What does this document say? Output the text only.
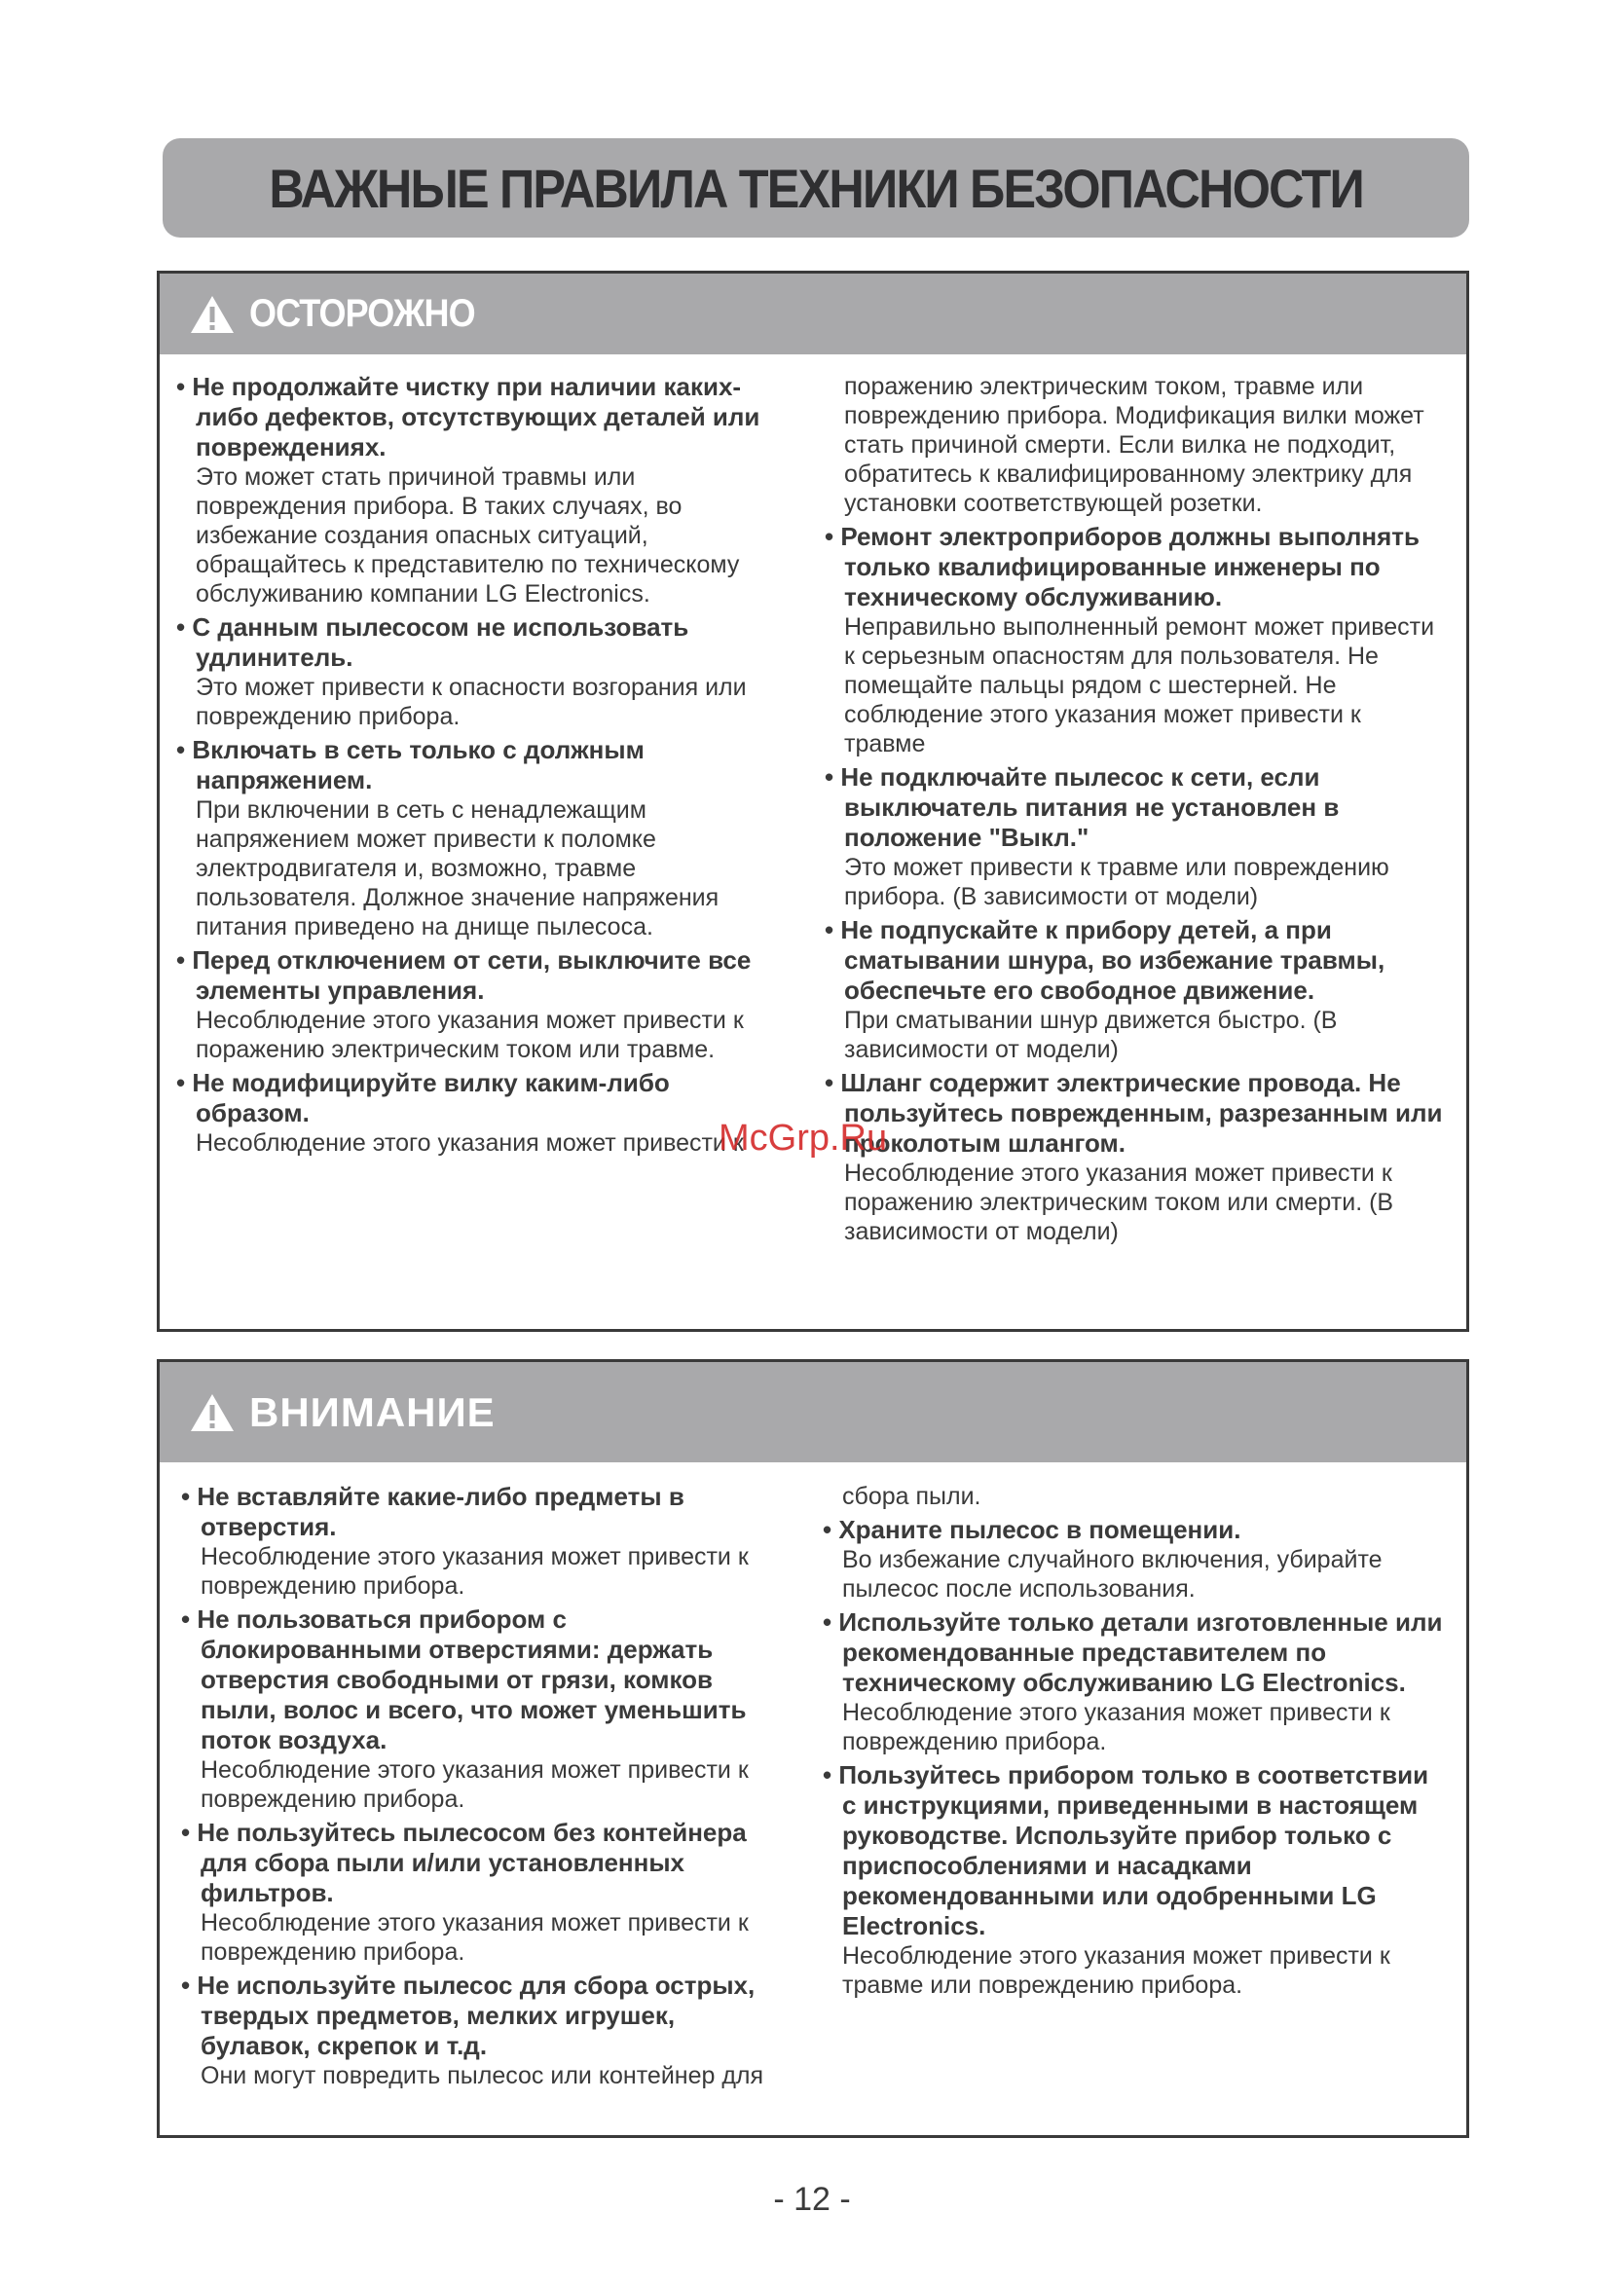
ВАЖНЫЕ ПРАВИЛА ТЕХНИКИ БЕЗОПАСНОСТИ
ОСТОРОЖНО
• Не продолжайте чистку при наличии каких-либо дефектов, отсутствующих деталей или повреждениях.
Это может стать причиной травмы или повреждения прибора. В таких случаях, во избежание создания опасных ситуаций, обращайтесь к представителю по техническому обслуживанию компании LG Electronics.
• С данным пылесосом не использовать удлинитель.
Это может привести к опасности возгорания или повреждению прибора.
• Включать в сеть только с должным напряжением.
При включении в сеть с ненадлежащим напряжением может привести к поломке электродвигателя и, возможно, травме пользователя. Должное значение напряжения питания приведено на днище пылесоса.
• Перед отключением от сети, выключите все элементы управления.
Несоблюдение этого указания может привести к поражению электрическим током или травме.
• Не модифицируйте вилку каким-либо образом.
Несоблюдение этого указания может привести к
поражению электрическим током, травме или повреждению прибора. Модификация вилки может стать причиной смерти. Если вилка не подходит, обратитесь к квалифицированному электрику для установки соответствующей розетки.
• Ремонт электроприборов должны выполнять только квалифицированные инженеры по техническому обслуживанию.
Неправильно выполненный ремонт может привести к серьезным опасностям для пользователя. Не помещайте пальцы рядом с шестерней. Не соблюдение этого указания может привести к травме
• Не подключайте пылесос к сети, если выключатель питания не установлен в положение "Выкл."
Это может привести к травме или повреждению прибора. (В зависимости от модели)
• Не подпускайте к прибору детей, а при сматывании шнура, во избежание травмы, обеспечьте его свободное движение.
При сматывании шнур движется быстро. (В зависимости от модели)
• Шланг содержит электрические провода. Не пользуйтесь поврежденным, разрезанным или проколотым шлангом.
Несоблюдение этого указания может привести к поражению электрическим током или смерти. (В зависимости от модели)
ВНИМАНИЕ
• Не вставляйте какие-либо предметы в отверстия.
Несоблюдение этого указания может привести к повреждению прибора.
• Не пользоваться прибором с блокированными отверстиями: держать отверстия свободными от грязи, комков пыли, волос и всего, что может уменьшить поток воздуха.
Несоблюдение этого указания может привести к повреждению прибора.
• Не пользуйтесь пылесосом без контейнера для сбора пыли и/или установленных фильтров.
Несоблюдение этого указания может привести к повреждению прибора.
• Не используйте пылесос для сбора острых, твердых предметов, мелких игрушек, булавок, скрепок и т.д.
Они могут повредить пылесос или контейнер для
сбора пыли.
• Храните пылесос в помещении.
Во избежание случайного включения, убирайте пылесос после использования.
• Используйте только детали изготовленные или рекомендованные представителем по техническому обслуживанию LG Electronics.
Несоблюдение этого указания может привести к повреждению прибора.
• Пользуйтесь прибором только в соответствии с инструкциями, приведенными в настоящем руководстве. Используйте прибор только с приспособлениями и насадками рекомендованными или одобренными LG Electronics.
Несоблюдение этого указания может привести к травме или повреждению прибора.
McGrp.Ru
- 12 -
